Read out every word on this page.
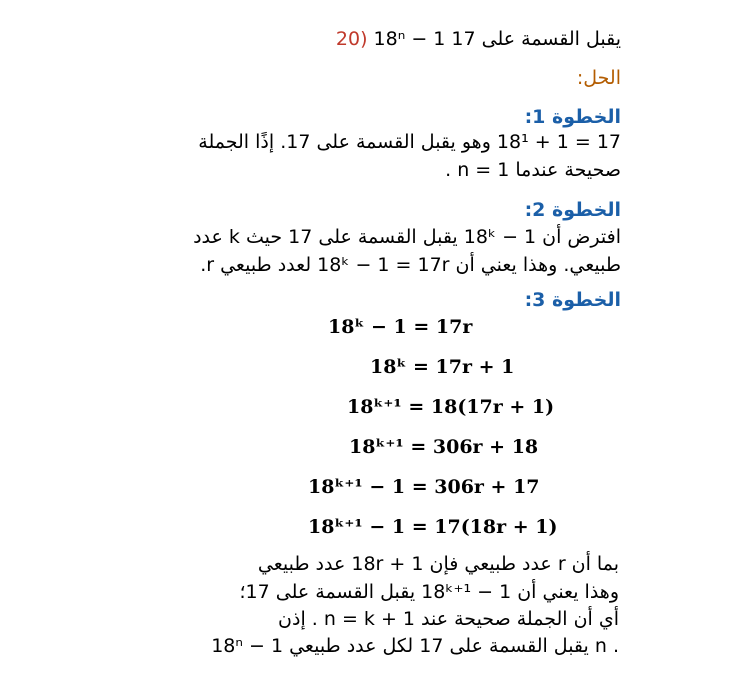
20) 18ⁿ − 1 يقبل القسمة على 17
الحل:
الخطوة 1:
17 = 1 + 18¹ وهو يقبل القسمة على 17. إذًا الجملة
صحيحة عندما n = 1 .
الخطوة 2:
افترض أن 18ᵏ − 1 يقبل القسمة على 17 حيث k عدد
طبيعي. وهذا يعني أن 18ᵏ − 1 = 17r لعدد طبيعي r.
الخطوة 3:
18ᵏ − 1 = 17r
18ᵏ = 17r + 1
18ᵏ⁺¹ = 18(17r + 1)
18ᵏ⁺¹ = 306r + 18
18ᵏ⁺¹ − 1 = 306r + 17
18ᵏ⁺¹ − 1 = 17(18r + 1)
بما أن r عدد طبيعي فإن 18r + 1 عدد طبيعي
وهذا يعني أن 18ᵏ⁺¹ − 1 يقبل القسمة على 17؛
أي أن الجملة صحيحة عند n = k + 1 . إذن
18ⁿ − 1 يقبل القسمة على 17 لكل عدد طبيعي n .
